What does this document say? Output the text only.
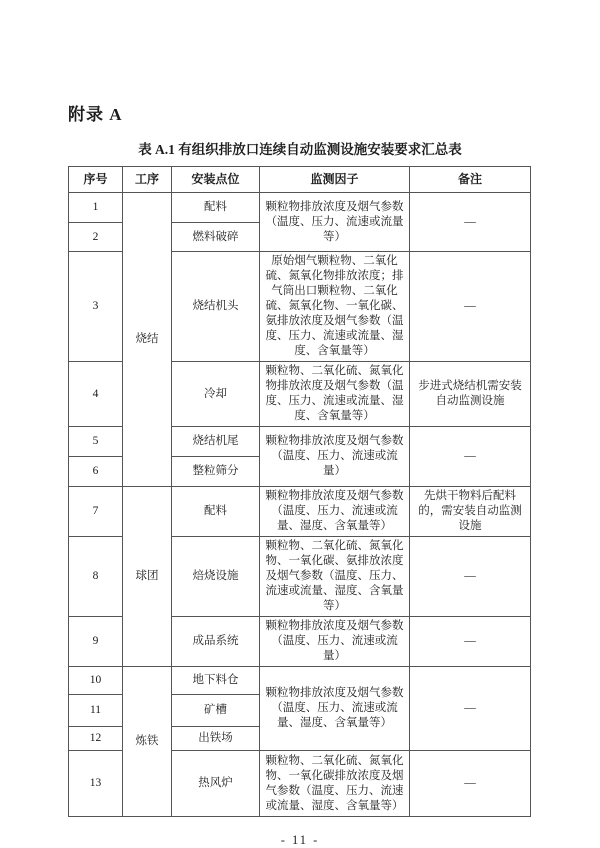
附录 A
表 A.1 有组织排放口连续自动监测设施安装要求汇总表
序号	工序	安装点位	监测因子	备注
1	烧结	配料	颗粒物排放浓度及烟气参数（温度、压力、流速或流量等）	—
2		燃料破碎		
3		烧结机头	原始烟气颗粒物、二氧化硫、氮氧化物排放浓度；排气筒出口颗粒物、二氧化硫、氮氧化物、一氧化碳、氨排放浓度及烟气参数（温度、压力、流速或流量、湿度、含氧量等）	—
4		冷却	颗粒物、二氧化硫、氮氧化物排放浓度及烟气参数（温度、压力、流速或流量、湿度、含氧量等）	步进式烧结机需安装自动监测设施
5		烧结机尾	颗粒物排放浓度及烟气参数（温度、压力、流速或流量）	—
6		整粒筛分		
7	球团	配料	颗粒物排放浓度及烟气参数（温度、压力、流速或流量、湿度、含氧量等）	先烘干物料后配料的，需安装自动监测设施
8		焙烧设施	颗粒物、二氧化硫、氮氧化物、一氧化碳、氨排放浓度及烟气参数（温度、压力、流速或流量、湿度、含氧量等）	—
9		成品系统	颗粒物排放浓度及烟气参数（温度、压力、流速或流量）	—
10	炼铁	地下料仓	颗粒物排放浓度及烟气参数（温度、压力、流速或流量、湿度、含氧量等）	—
11		矿槽		
12		出铁场		
13		热风炉	颗粒物、二氧化硫、氮氧化物、一氧化碳排放浓度及烟气参数（温度、压力、流速或流量、湿度、含氧量等）	—
- 11 -
